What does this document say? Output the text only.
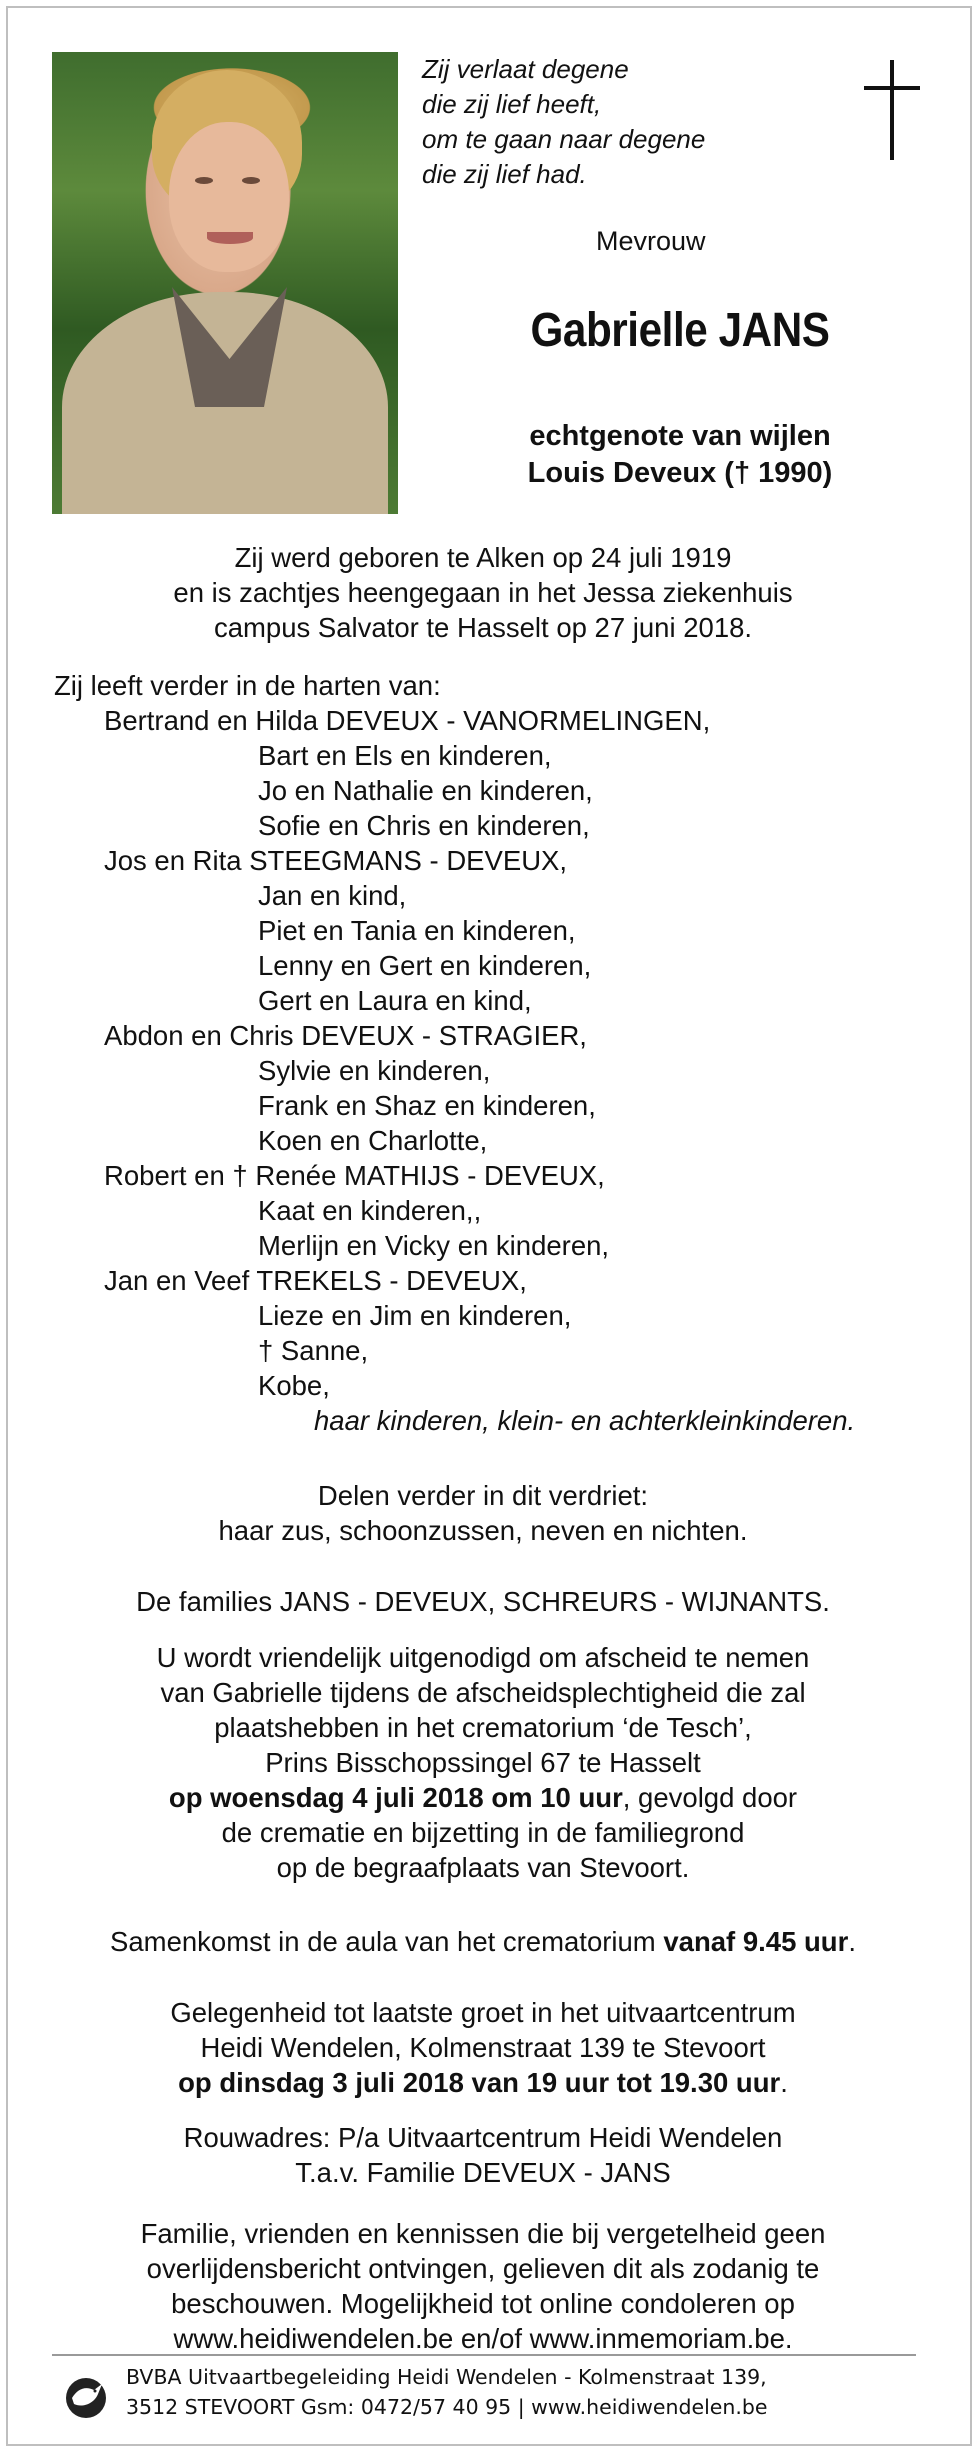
Zij verlaat degene
die zij lief heeft,
om te gaan naar degene
die zij lief had.
Mevrouw
Gabrielle JANS
echtgenote van wijlen
Louis Deveux († 1990)
Zij werd geboren te Alken op 24 juli 1919
en is zachtjes heengegaan in het Jessa ziekenhuis
campus Salvator te Hasselt op 27 juni 2018.
Zij leeft verder in de harten van:
Bertrand en Hilda DEVEUX - VANORMELINGEN,
Bart en Els en kinderen,
Jo en Nathalie en kinderen,
Sofie en Chris en kinderen,
Jos en Rita STEEGMANS - DEVEUX,
Jan en kind,
Piet en Tania en kinderen,
Lenny en Gert en kinderen,
Gert en Laura en kind,
Abdon en Chris DEVEUX - STRAGIER,
Sylvie en kinderen,
Frank en Shaz en kinderen,
Koen en Charlotte,
Robert en † Renée MATHIJS - DEVEUX,
Kaat en kinderen,,
Merlijn en Vicky en kinderen,
Jan en Veef TREKELS - DEVEUX,
Lieze en Jim en kinderen,
† Sanne,
Kobe,
haar kinderen, klein- en achterkleinkinderen.
Delen verder in dit verdriet:
haar zus, schoonzussen, neven en nichten.
De families JANS - DEVEUX, SCHREURS - WIJNANTS.
U wordt vriendelijk uitgenodigd om afscheid te nemen
van Gabrielle tijdens de afscheidsplechtigheid die zal
plaatshebben in het crematorium ‘de Tesch’,
Prins Bisschopssingel 67 te Hasselt
op woensdag 4 juli 2018 om 10 uur, gevolgd door
de crematie en bijzetting in de familiegrond
op de begraafplaats van Stevoort.
Samenkomst in de aula van het crematorium vanaf 9.45 uur.
Gelegenheid tot laatste groet in het uitvaartcentrum
Heidi Wendelen, Kolmenstraat 139 te Stevoort
op dinsdag 3 juli 2018 van 19 uur tot 19.30 uur.
Rouwadres: P/a Uitvaartcentrum Heidi Wendelen
T.a.v. Familie DEVEUX - JANS
Familie, vrienden en kennissen die bij vergetelheid geen
overlijdensbericht ontvingen, gelieven dit als zodanig te
beschouwen. Mogelijkheid tot online condoleren op
www.heidiwendelen.be en/of www.inmemoriam.be.
BVBA Uitvaartbegeleiding Heidi Wendelen - Kolmenstraat 139,
3512 STEVOORT Gsm: 0472/57 40 95 | www.heidiwendelen.be
